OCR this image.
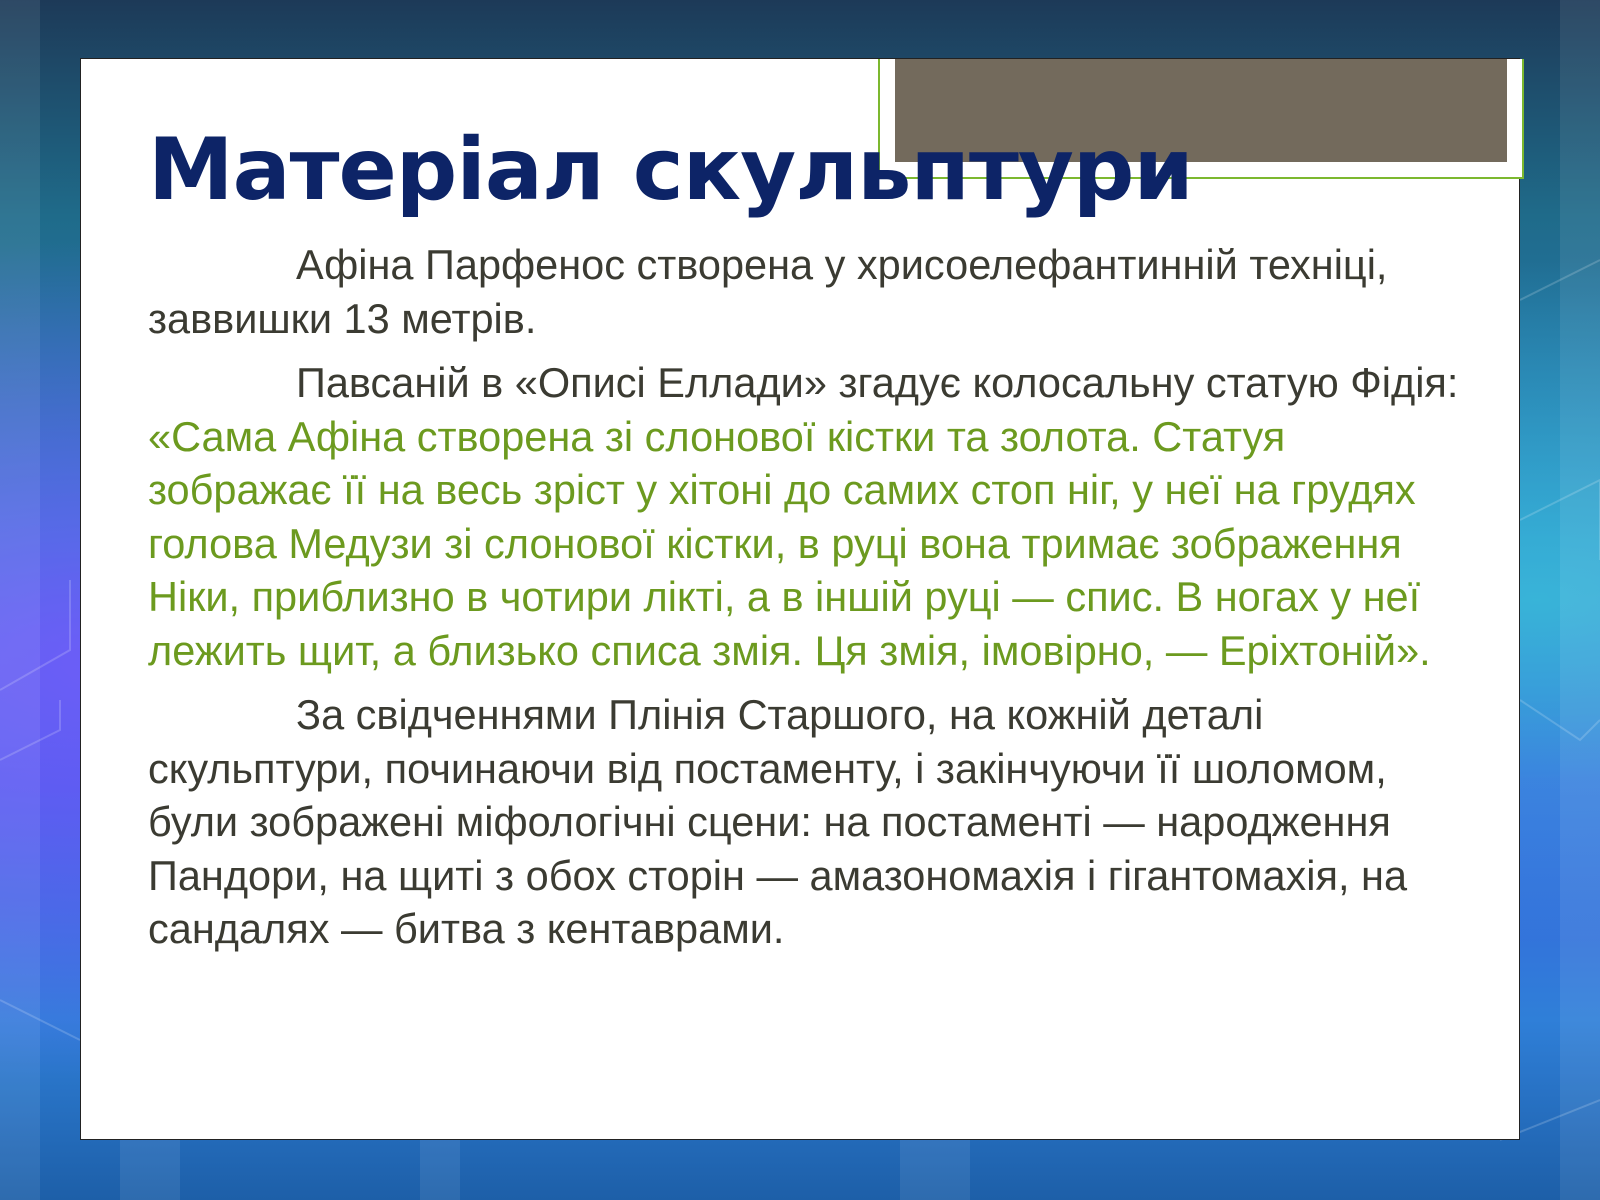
Матеріал скульптури

Афіна Парфенос створена у хрисоелефантинній техніці, заввишки 13 метрів.

Павсаній в «Описі Еллади» згадує колосальну статую Фідія: «Сама Афіна створена зі слонової кістки та золота. Статуя зображає її на весь зріст у хітоні до самих стоп ніг, у неї на грудях голова Медузи зі слонової кістки, в руці вона тримає зображення Ніки, приблизно в чотири лікті, а в іншій руці — спис. В ногах у неї лежить щит, а близько списа змія. Ця змія, імовірно, — Еріхтоній».

За свідченнями Плінія Старшого, на кожній деталі скульптури, починаючи від постаменту, і закінчуючи її шоломом, були зображені міфологічні сцени: на постаменті — народження Пандори, на щиті з обох сторін — амазономахія і гігантомахія, на сандалях — битва з кентаврами.
